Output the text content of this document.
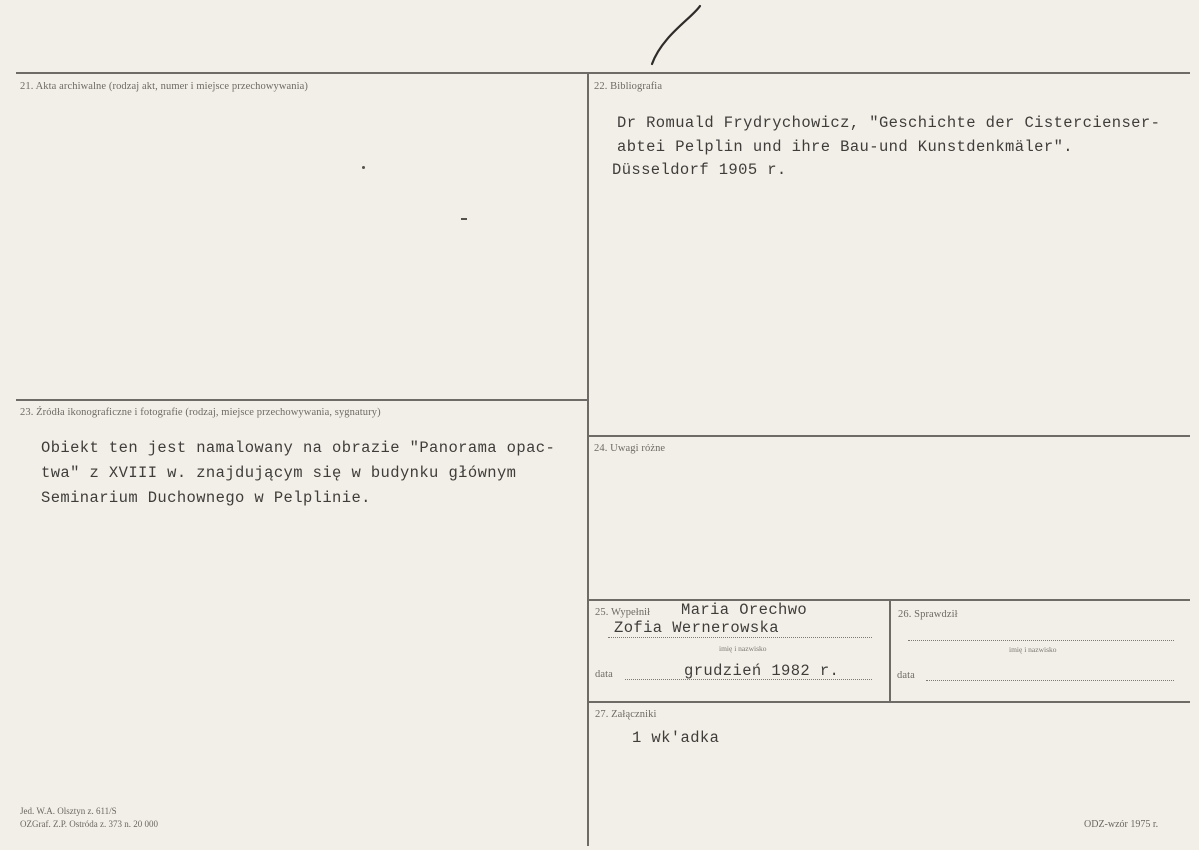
21. Akta archiwalne (rodzaj akt, numer i miejsce przechowywania)	22. Bibliografia
Dr Romuald Frydrychowicz, "Geschichte der Cistercienser-
abtei Pelplin und ihre Bau-und Kunstdenkmäler".
Düsseldorf 1905 r.
23. Źródła ikonograficzne i fotografie (rodzaj, miejsce przechowywania, sygnatury)
Obiekt ten jest namalowany na obrazie "Panorama opac-
twa" z XVIII w. znajdującym się w budynku głównym
Seminarium Duchownego w Pelplinie.
24. Uwagi różne
25. Wypełnił Maria Orechwo
Zofia Wernerowska
imię i nazwisko
data	grudzień 1982 r.
26. Sprawdził
imię i nazwisko
data
27. Załączniki
1 wk'adka
Jed. W.A. Olsztyn z. 611/S
OZGraf. Z.P. Ostróda z. 373 n. 20 000	ODZ-wzór 1975 r.
